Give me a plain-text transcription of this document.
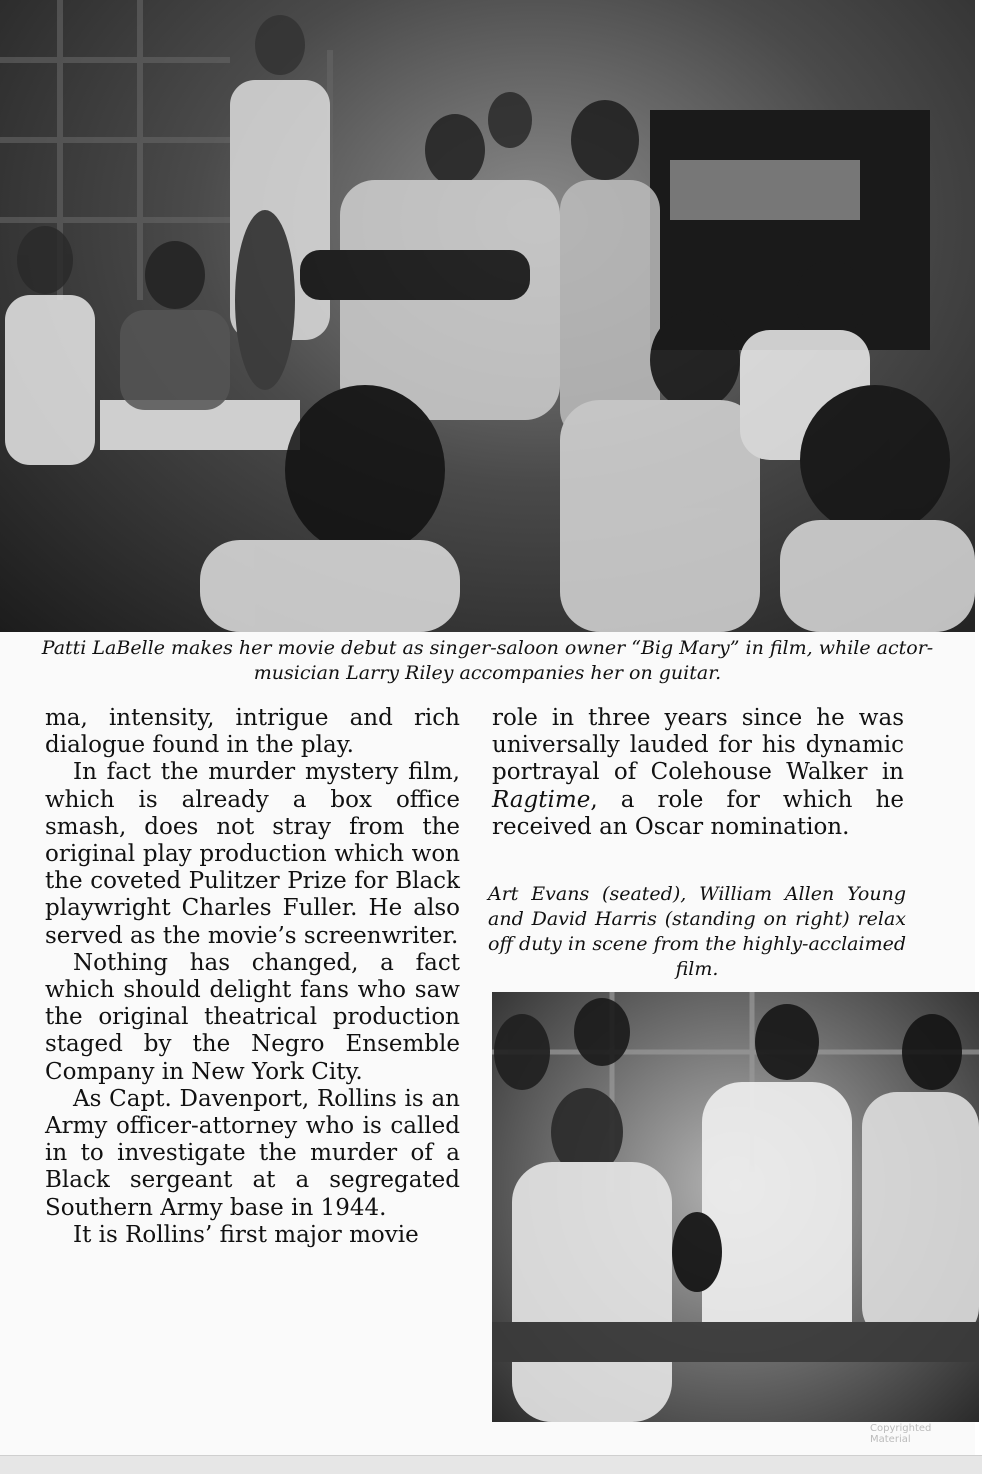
Patti LaBelle makes her movie debut as singer-saloon owner “Big Mary” in film, while actor-musician Larry Riley accompanies her on guitar.

ma, intensity, intrigue and rich dialogue found in the play.

In fact the murder mystery film, which is already a box office smash, does not stray from the original play production which won the coveted Pulitzer Prize for Black playwright Charles Fuller. He also served as the movie’s screenwriter.

Nothing has changed, a fact which should delight fans who saw the original theatrical production staged by the Negro Ensemble Company in New York City.

As Capt. Davenport, Rollins is an Army officer-attorney who is called in to investigate the murder of a Black sergeant at a segregated Southern Army base in 1944.

It is Rollins’ first major movie

role in three years since he was universally lauded for his dynamic portrayal of Colehouse Walker in Ragtime, a role for which he received an Oscar nomination.

Art Evans (seated), William Allen Young and David Harris (standing on right) relax off duty in scene from the highly-acclaimed film.
Copyrighted Material
